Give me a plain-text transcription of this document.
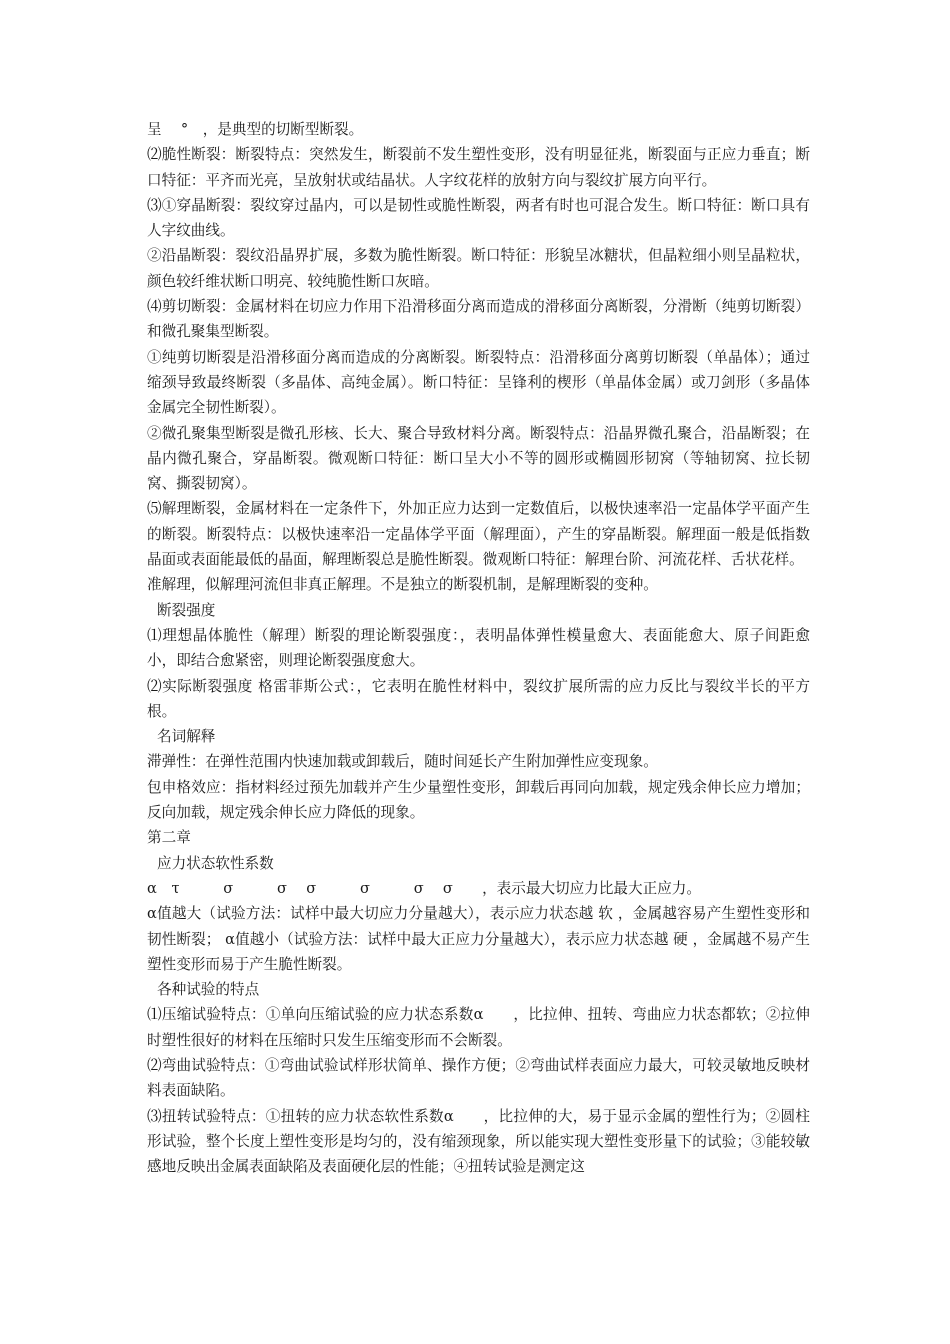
呈　 °　，是典型的切断型断裂。

⑵脆性断裂：断裂特点：突然发生，断裂前不发生塑性变形，没有明显征兆，断裂面与正应力垂直；断口特征：平齐而光亮，呈放射状或结晶状。人字纹花样的放射方向与裂纹扩展方向平行。

⑶①穿晶断裂：裂纹穿过晶内，可以是韧性或脆性断裂，两者有时也可混合发生。断口特征：断口具有人字纹曲线。

②沿晶断裂：裂纹沿晶界扩展，多数为脆性断裂。断口特征：形貌呈冰糖状，但晶粒细小则呈晶粒状，颜色较纤维状断口明亮、较纯脆性断口灰暗。

⑷剪切断裂：金属材料在切应力作用下沿滑移面分离而造成的滑移面分离断裂，分滑断（纯剪切断裂）和微孔聚集型断裂。

①纯剪切断裂是沿滑移面分离而造成的分离断裂。断裂特点：沿滑移面分离剪切断裂（单晶体）；通过缩颈导致最终断裂（多晶体、高纯金属）。断口特征：呈锋利的楔形（单晶体金属）或刀剑形（多晶体金属完全韧性断裂）。

②微孔聚集型断裂是微孔形核、长大、聚合导致材料分离。断裂特点：沿晶界微孔聚合，沿晶断裂；在晶内微孔聚合，穿晶断裂。微观断口特征：断口呈大小不等的圆形或椭圆形韧窝（等轴韧窝、拉长韧窝、撕裂韧窝）。

⑸解理断裂，金属材料在一定条件下，外加正应力达到一定数值后，以极快速率沿一定晶体学平面产生的断裂。断裂特点：以极快速率沿一定晶体学平面（解理面），产生的穿晶断裂。解理面一般是低指数晶面或表面能最低的晶面，解理断裂总是脆性断裂。微观断口特征：解理台阶、河流花样、舌状花样。

准解理，似解理河流但非真正解理。不是独立的断裂机制，是解理断裂的变种。

断裂强度

⑴理想晶体脆性（解理）断裂的理论断裂强度：，表明晶体弹性模量愈大、表面能愈大、原子间距愈小，即结合愈紧密，则理论断裂强度愈大。

⑵实际断裂强度 格雷菲斯公式：，它表明在脆性材料中，裂纹扩展所需的应力反比与裂纹半长的平方根。

名词解释

滞弹性：在弹性范围内快速加载或卸载后，随时间延长产生附加弹性应变现象。

包申格效应：指材料经过预先加载并产生少量塑性变形，卸载后再同向加载，规定残余伸长应力增加；反向加载，规定残余伸长应力降低的现象。

第二章

应力状态软性系数

α　τ　　　σ　　　σ　 σ　　　σ　　　σ　 σ　　，表示最大切应力比最大正应力。

α值越大（试验方法：试样中最大切应力分量越大），表示应力状态越 软 ，金属越容易产生塑性变形和韧性断裂； α值越小（试验方法：试样中最大正应力分量越大），表示应力状态越 硬 ，金属越不易产生塑性变形而易于产生脆性断裂。

各种试验的特点

⑴压缩试验特点：①单向压缩试验的应力状态系数α　　，比拉伸、扭转、弯曲应力状态都软；②拉伸时塑性很好的材料在压缩时只发生压缩变形而不会断裂。

⑵弯曲试验特点：①弯曲试验试样形状简单、操作方便；②弯曲试样表面应力最大，可较灵敏地反映材料表面缺陷。

⑶扭转试验特点：①扭转的应力状态软性系数α　　，比拉伸的大，易于显示金属的塑性行为；②圆柱形试验，整个长度上塑性变形是均匀的，没有缩颈现象，所以能实现大塑性变形量下的试验；③能较敏感地反映出金属表面缺陷及表面硬化层的性能；④扭转试验是测定这
